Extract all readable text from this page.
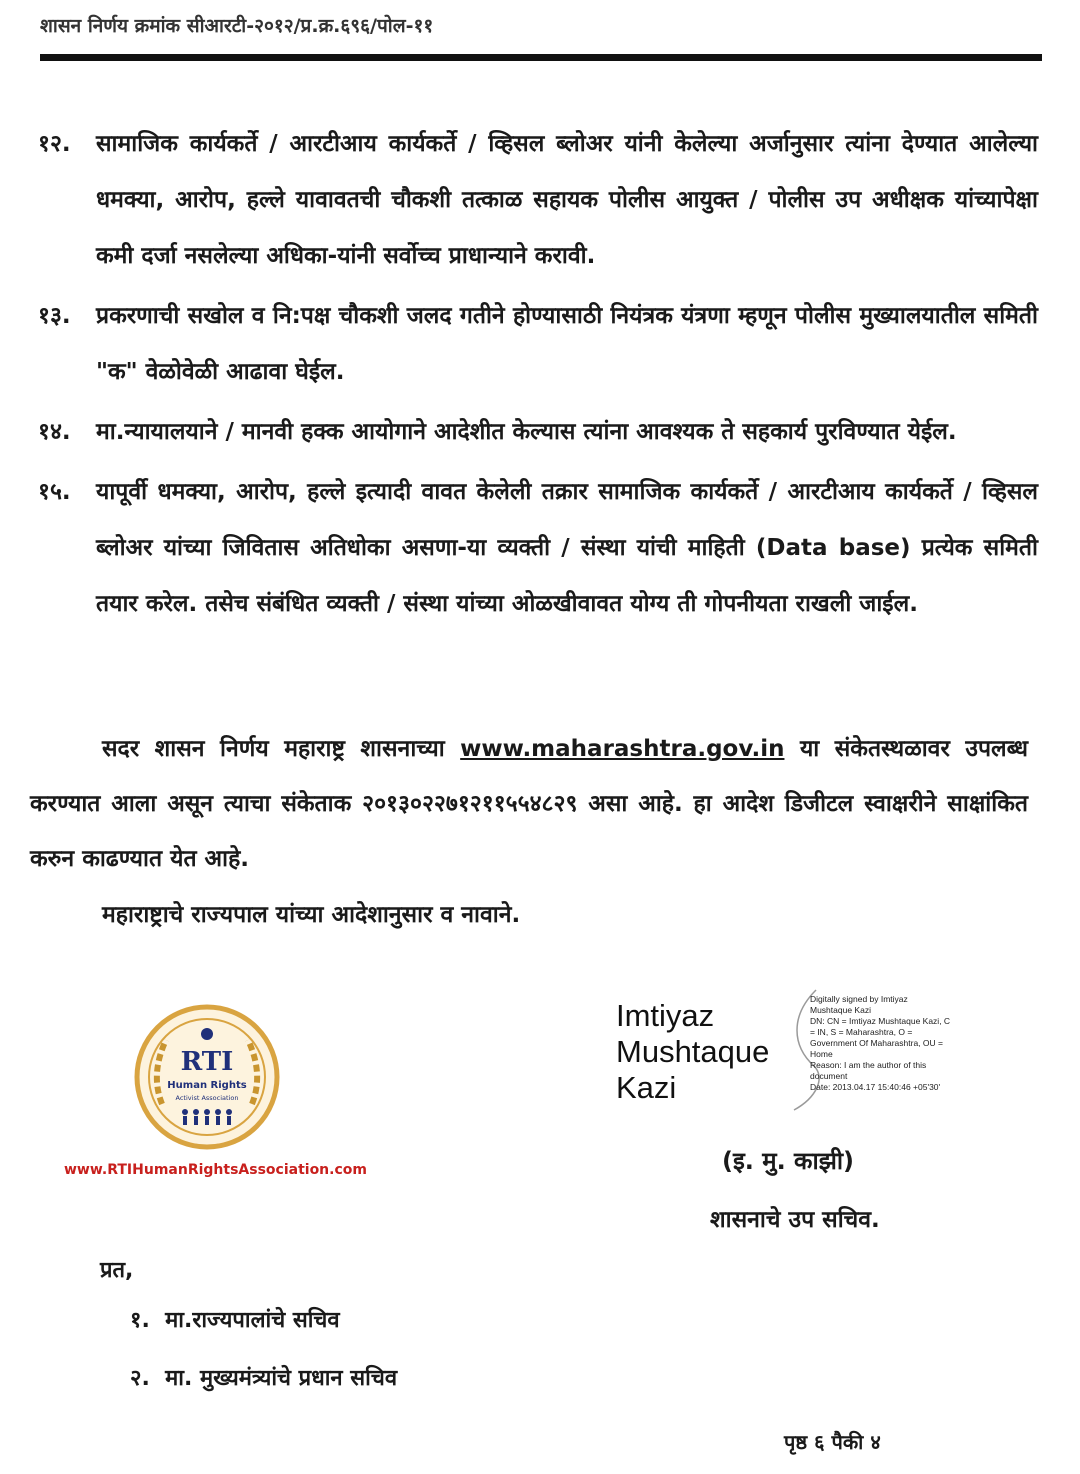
शासन निर्णय क्रमांक सीआरटी-२०१२/प्र.क्र.६९६/पोल-११
१२.	सामाजिक कार्यकर्ते / आरटीआय कार्यकर्ते / व्हिसल ब्लोअर यांनी केलेल्या अर्जानुसार त्यांना देण्यात आलेल्या धमक्या, आरोप, हल्ले यावावतची चौकशी तत्काळ सहायक पोलीस आयुक्त / पोलीस उप अधीक्षक यांच्यापेक्षा कमी दर्जा नसलेल्या अधिका-यांनी सर्वोच्च प्राधान्याने करावी.
१३.	प्रकरणाची सखोल व नि:पक्ष चौकशी जलद गतीने होण्यासाठी नियंत्रक यंत्रणा म्हणून पोलीस मुख्यालयातील समिती "क" वेळोवेळी आढावा घेईल.
१४.	मा.न्यायालयाने / मानवी हक्क आयोगाने आदेशीत केल्यास त्यांना आवश्यक ते सहकार्य पुरविण्यात येईल.
१५.	यापूर्वी धमक्या, आरोप, हल्ले इत्यादी वावत केलेली तक्रार सामाजिक कार्यकर्ते / आरटीआय कार्यकर्ते / व्हिसल ब्लोअर यांच्या जिवितास अतिधोका असणा-या व्यक्ती / संस्था यांची माहिती (Data base) प्रत्येक समिती तयार करेल. तसेच संबंधित व्यक्ती / संस्था यांच्या ओळखीवावत योग्य ती गोपनीयता राखली जाईल.
सदर शासन निर्णय महाराष्ट्र शासनाच्या www.maharashtra.gov.in या संकेतस्थळावर उपलब्ध करण्यात आला असून त्याचा संकेताक २०१३०२२७१२११५५४८२९ असा आहे. हा आदेश डिजीटल स्वाक्षरीने साक्षांकित करुन काढण्यात येत आहे.
महाराष्ट्राचे राज्यपाल यांच्या आदेशानुसार व नावाने.
RTI
Human Rights
Activist Association
www.RTIHumanRightsAssociation.com
Imtiyaz
Mushtaque
Kazi
Digitally signed by Imtiyaz
Mushtaque Kazi
DN: CN = Imtiyaz Mushtaque Kazi, C
= IN, S = Maharashtra, O =
Government Of Maharashtra, OU =
Home
Reason: I am the author of this
document
Date: 2013.04.17 15:40:46 +05'30'
(इ. मु. काझी)
शासनाचे उप सचिव.
प्रत,
१. मा.राज्यपालांचे सचिव
२. मा. मुख्यमंत्र्यांचे प्रधान सचिव
पृष्ठ ६ पैकी ४
